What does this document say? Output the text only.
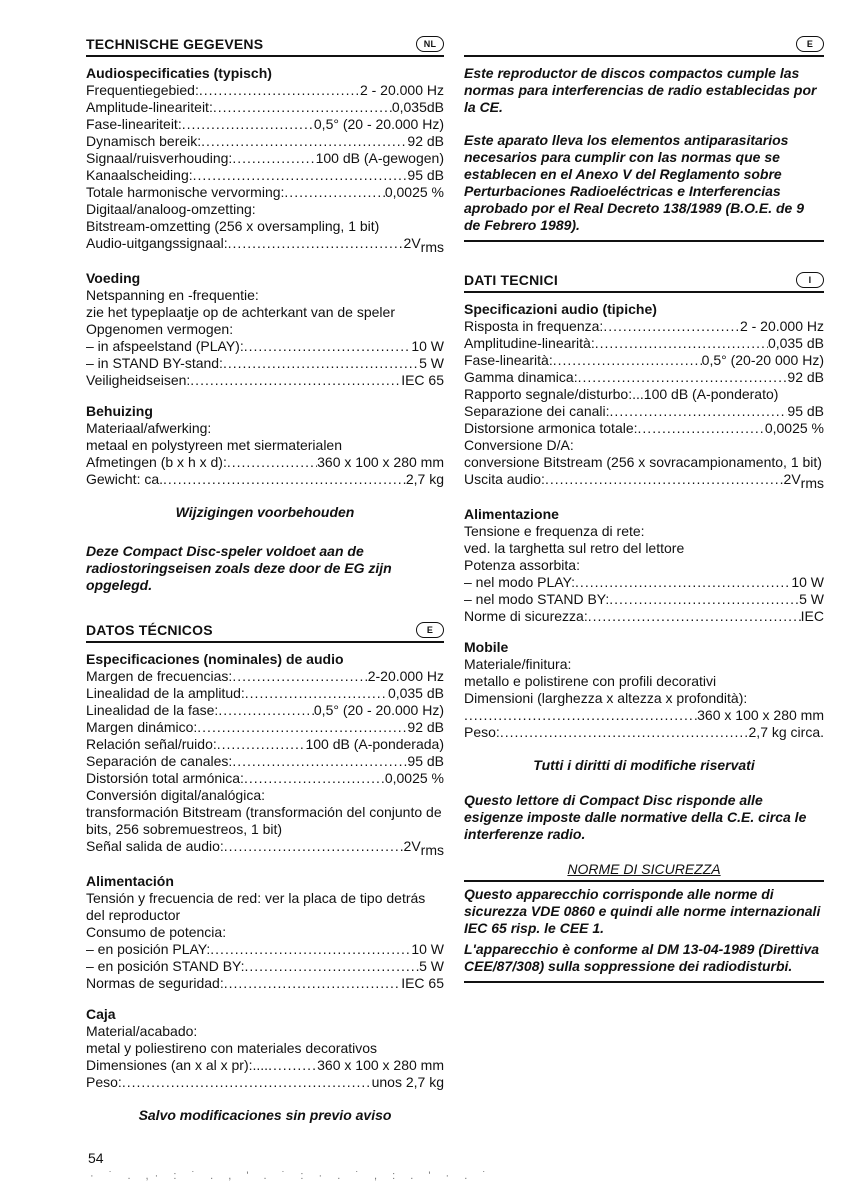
TECHNISCHE GEGEVENS	NL
Audiospecificaties (typisch)
Frequentiegebied: .....	2 - 20.000 Hz
Amplitude-lineariteit: .....	0,035dB
Fase-lineariteit: .....	0,5° (20 - 20.000 Hz)
Dynamisch bereik: .....	92 dB
Signaal/ruisverhouding: .....	100 dB (A-gewogen)
Kanaalscheiding: .....	95 dB
Totale harmonische vervorming: .....	0,0025 %
Digitaal/analoog-omzetting:
Bitstream-omzetting (256 x oversampling, 1 bit)
Audio-uitgangssignaal: .....	$2V_{rms}$
Voeding
Netspanning en -frequentie:
zie het typeplaatje op de achterkant van de speler
Opgenomen vermogen:
– in afspeelstand (PLAY): .....	10 W
– in STAND BY-stand: .....	5 W
Veiligheidseisen: .....	IEC 65
Behuizing
Materiaal/afwerking:
metaal en polystyreen met siermaterialen
Afmetingen (b x h x d): .....	360 x 100 x 280 mm
Gewicht: ca. .....	2,7 kg
Wijzigingen voorbehouden
Deze Compact Disc-speler voldoet aan de radiostoringseisen zoals deze door de EG zijn opgelegd.
DATOS TÉCNICOS	E
Especificaciones (nominales) de audio
Margen de frecuencias: .....	2-20.000 Hz
Linealidad de la amplitud: .....	0,035 dB
Linealidad de la fase: .....	0,5° (20 - 20.000 Hz)
Margen dinámico: .....	92 dB
Relación señal/ruido: .....	100 dB (A-ponderada)
Separación de canales: .....	95 dB
Distorsión total armónica: .....	0,0025 %
Conversión digital/analógica:
transformación Bitstream (transformación del conjunto de bits, 256 sobremuestreos, 1 bit)
Señal salida de audio: .....	$2V_{rms}$
Alimentación
Tensión y frecuencia de red: ver la placa de tipo detrás del reproductor
Consumo de potencia:
– en posición PLAY: .....	10 W
– en posición STAND BY: .....	5 W
Normas de seguridad: .....	IEC 65
Caja
Material/acabado:
metal y poliestireno con materiales decorativos
Dimensiones (an x al x pr):.... .....	360 x 100 x 280 mm
Peso: .....	unos 2,7 kg
Salvo modificaciones sin previo aviso
E
Este reproductor de discos compactos cumple las normas para interferencias de radio establecidas por la CE.
Este aparato lleva los elementos antiparasitarios necesarios para cumplir con las normas que se establecen en el Anexo V del Reglamento sobre Perturbaciones Radioeléctricas e Interferencias aprobado por el Real Decreto 138/1989 (B.O.E. de 9 de Febrero 1989).
DATI TECNICI	I
Specificazioni audio (tipiche)
Risposta in frequenza: .....	2 - 20.000 Hz
Amplitudine-linearità: .....	0,035 dB
Fase-linearità: .....	0,5° (20-20 000 Hz)
Gamma dinamica: .....	92 dB
Rapporto segnale/disturbo:... 100 dB (A-ponderato)
Separazione dei canali: .....	95 dB
Distorsione armonica totale: .....	0,0025 %
Conversione D/A:
conversione Bitstream (256 x sovracampionamento, 1 bit)
Uscita audio: .....	$2V_{rms}$
Alimentazione
Tensione e frequenza di rete:
ved. la targhetta sul retro del lettore
Potenza assorbita:
– nel modo PLAY: .....	10 W
– nel modo STAND BY: .....	5 W
Norme di sicurezza: .....	IEC
Mobile
Materiale/finitura:
metallo e polistirene con profili decorativi
Dimensioni (larghezza x altezza x profondità):
.....
360 x 100 x 280 mm
Peso: .....	2,7 kg circa.
Tutti i diritti di modifiche riservati
Questo lettore di Compact Disc risponde alle esigenze imposte dalle normative della C.E. circa le interferenze radio.
NORME DI SICUREZZA
Questo apparecchio corrisponde alle norme di sicurezza VDE 0860 e quindi alle norme internazionali IEC 65 risp. le CEE 1.
L'apparecchio è conforme al DM 13-04-1989 (Direttiva CEE/87/308) sulla soppressione dei radiodisturbi.
54
· ˙ . ,· : ˙ . , ' . ˙ : · . ˙ , : . ' · . ˙
